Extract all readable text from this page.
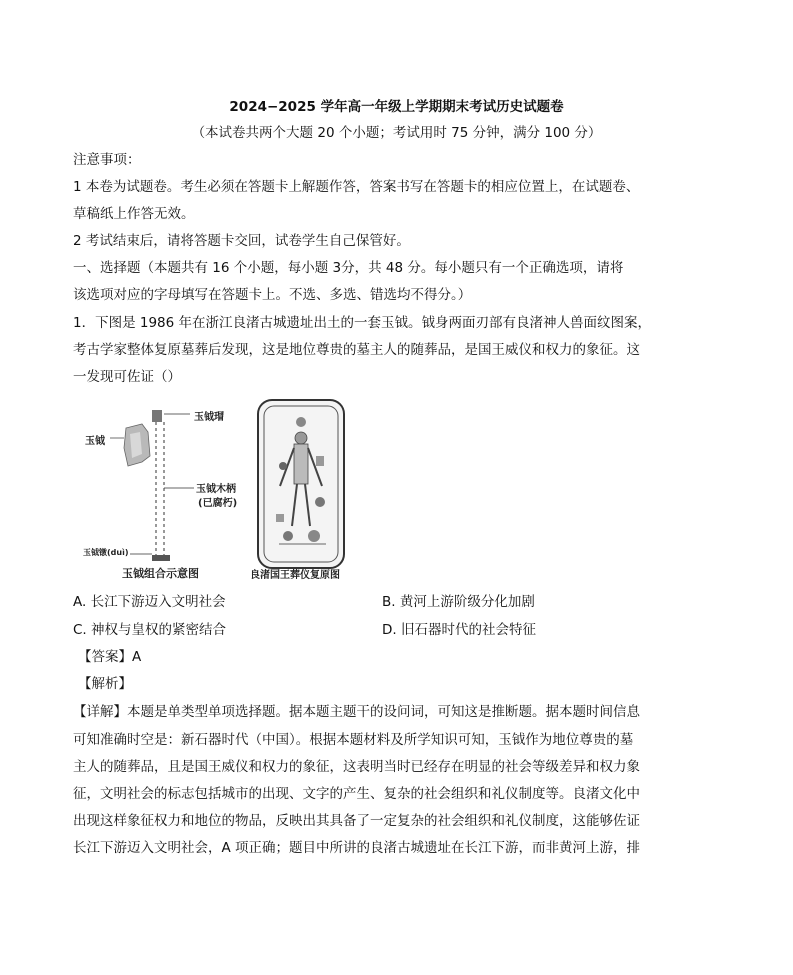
2024−2025 学年高一年级上学期期末考试历史试题卷
（本试卷共两个大题 20 个小题；考试用时 75 分钟，满分 100 分）
注意事项：
1 本卷为试题卷。考生必须在答题卡上解题作答，答案书写在答题卡的相应位置上，在试题卷、
草稿纸上作答无效。
2 考试结束后，请将答题卡交回，试卷学生自己保管好。
一、选择题（本题共有 16 个小题，每小题 3分，共 48 分。每小题只有一个正确选项，请将
该选项对应的字母填写在答题卡上。不选、多选、错选均不得分。）
1．下图是 1986 年在浙江良渚古城遗址出土的一套玉钺。钺身两面刃部有良渚神人兽面纹图案，
考古学家整体复原墓葬后发现，这是地位尊贵的墓主人的随葬品，是国王威仪和权力的象征。这
一发现可佐证（）
玉钺
玉钺瑁
玉钺木柄
(已腐朽)
玉钺镦(duì)
玉钺组合示意图	良渚国王葬仪复原图
A. 长江下游迈入文明社会	B. 黄河上游阶级分化加剧
C. 神权与皇权的紧密结合	D. 旧石器时代的社会特征
【答案】A
【解析】
【详解】本题是单类型单项选择题。据本题主题干的设问词，可知这是推断题。据本题时间信息
可知准确时空是：新石器时代（中国）。根据本题材料及所学知识可知，玉钺作为地位尊贵的墓
主人的随葬品，且是国王威仪和权力的象征，这表明当时已经存在明显的社会等级差异和权力象
征，文明社会的标志包括城市的出现、文字的产生、复杂的社会组织和礼仪制度等。良渚文化中
出现这样象征权力和地位的物品，反映出其具备了一定复杂的社会组织和礼仪制度，这能够佐证
长江下游迈入文明社会，A 项正确；题目中所讲的良渚古城遗址在长江下游，而非黄河上游，排
